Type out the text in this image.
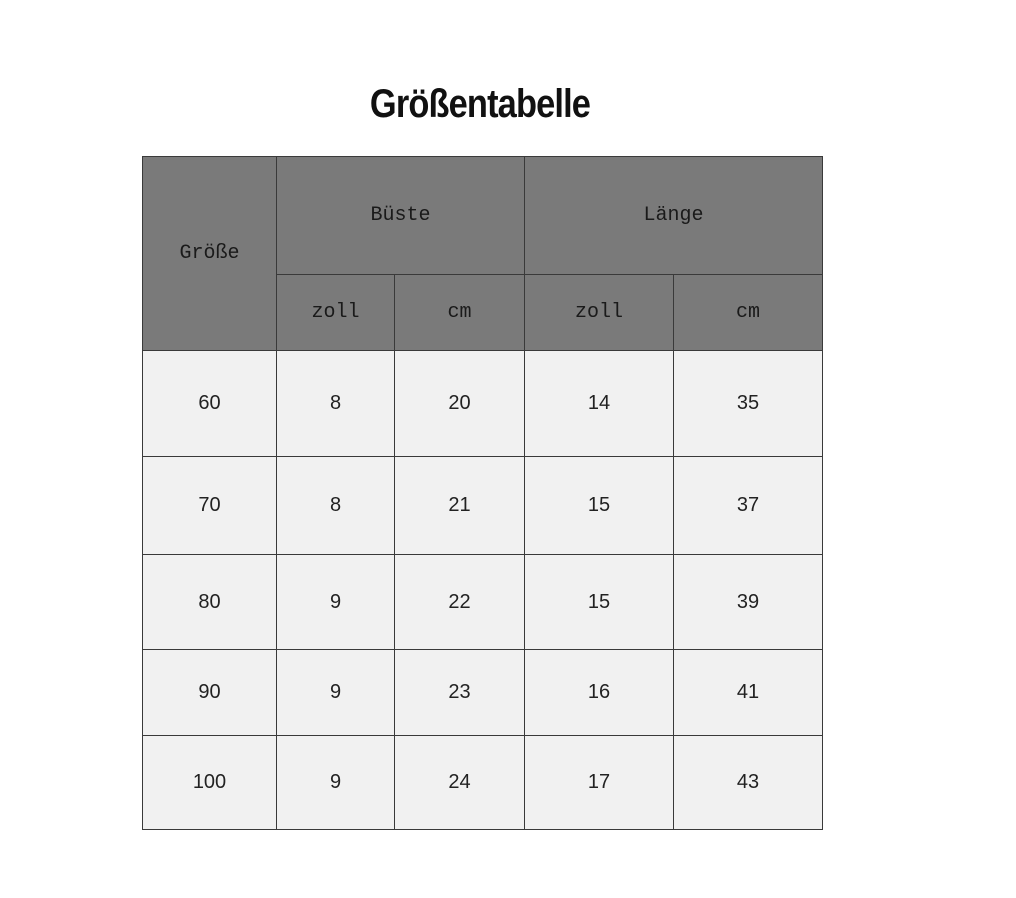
Größentabelle
Größe	Büste		Länge	
	zoll	cm	zoll	cm
60	8	20	14	35
70	8	21	15	37
80	9	22	15	39
90	9	23	16	41
100	9	24	17	43
